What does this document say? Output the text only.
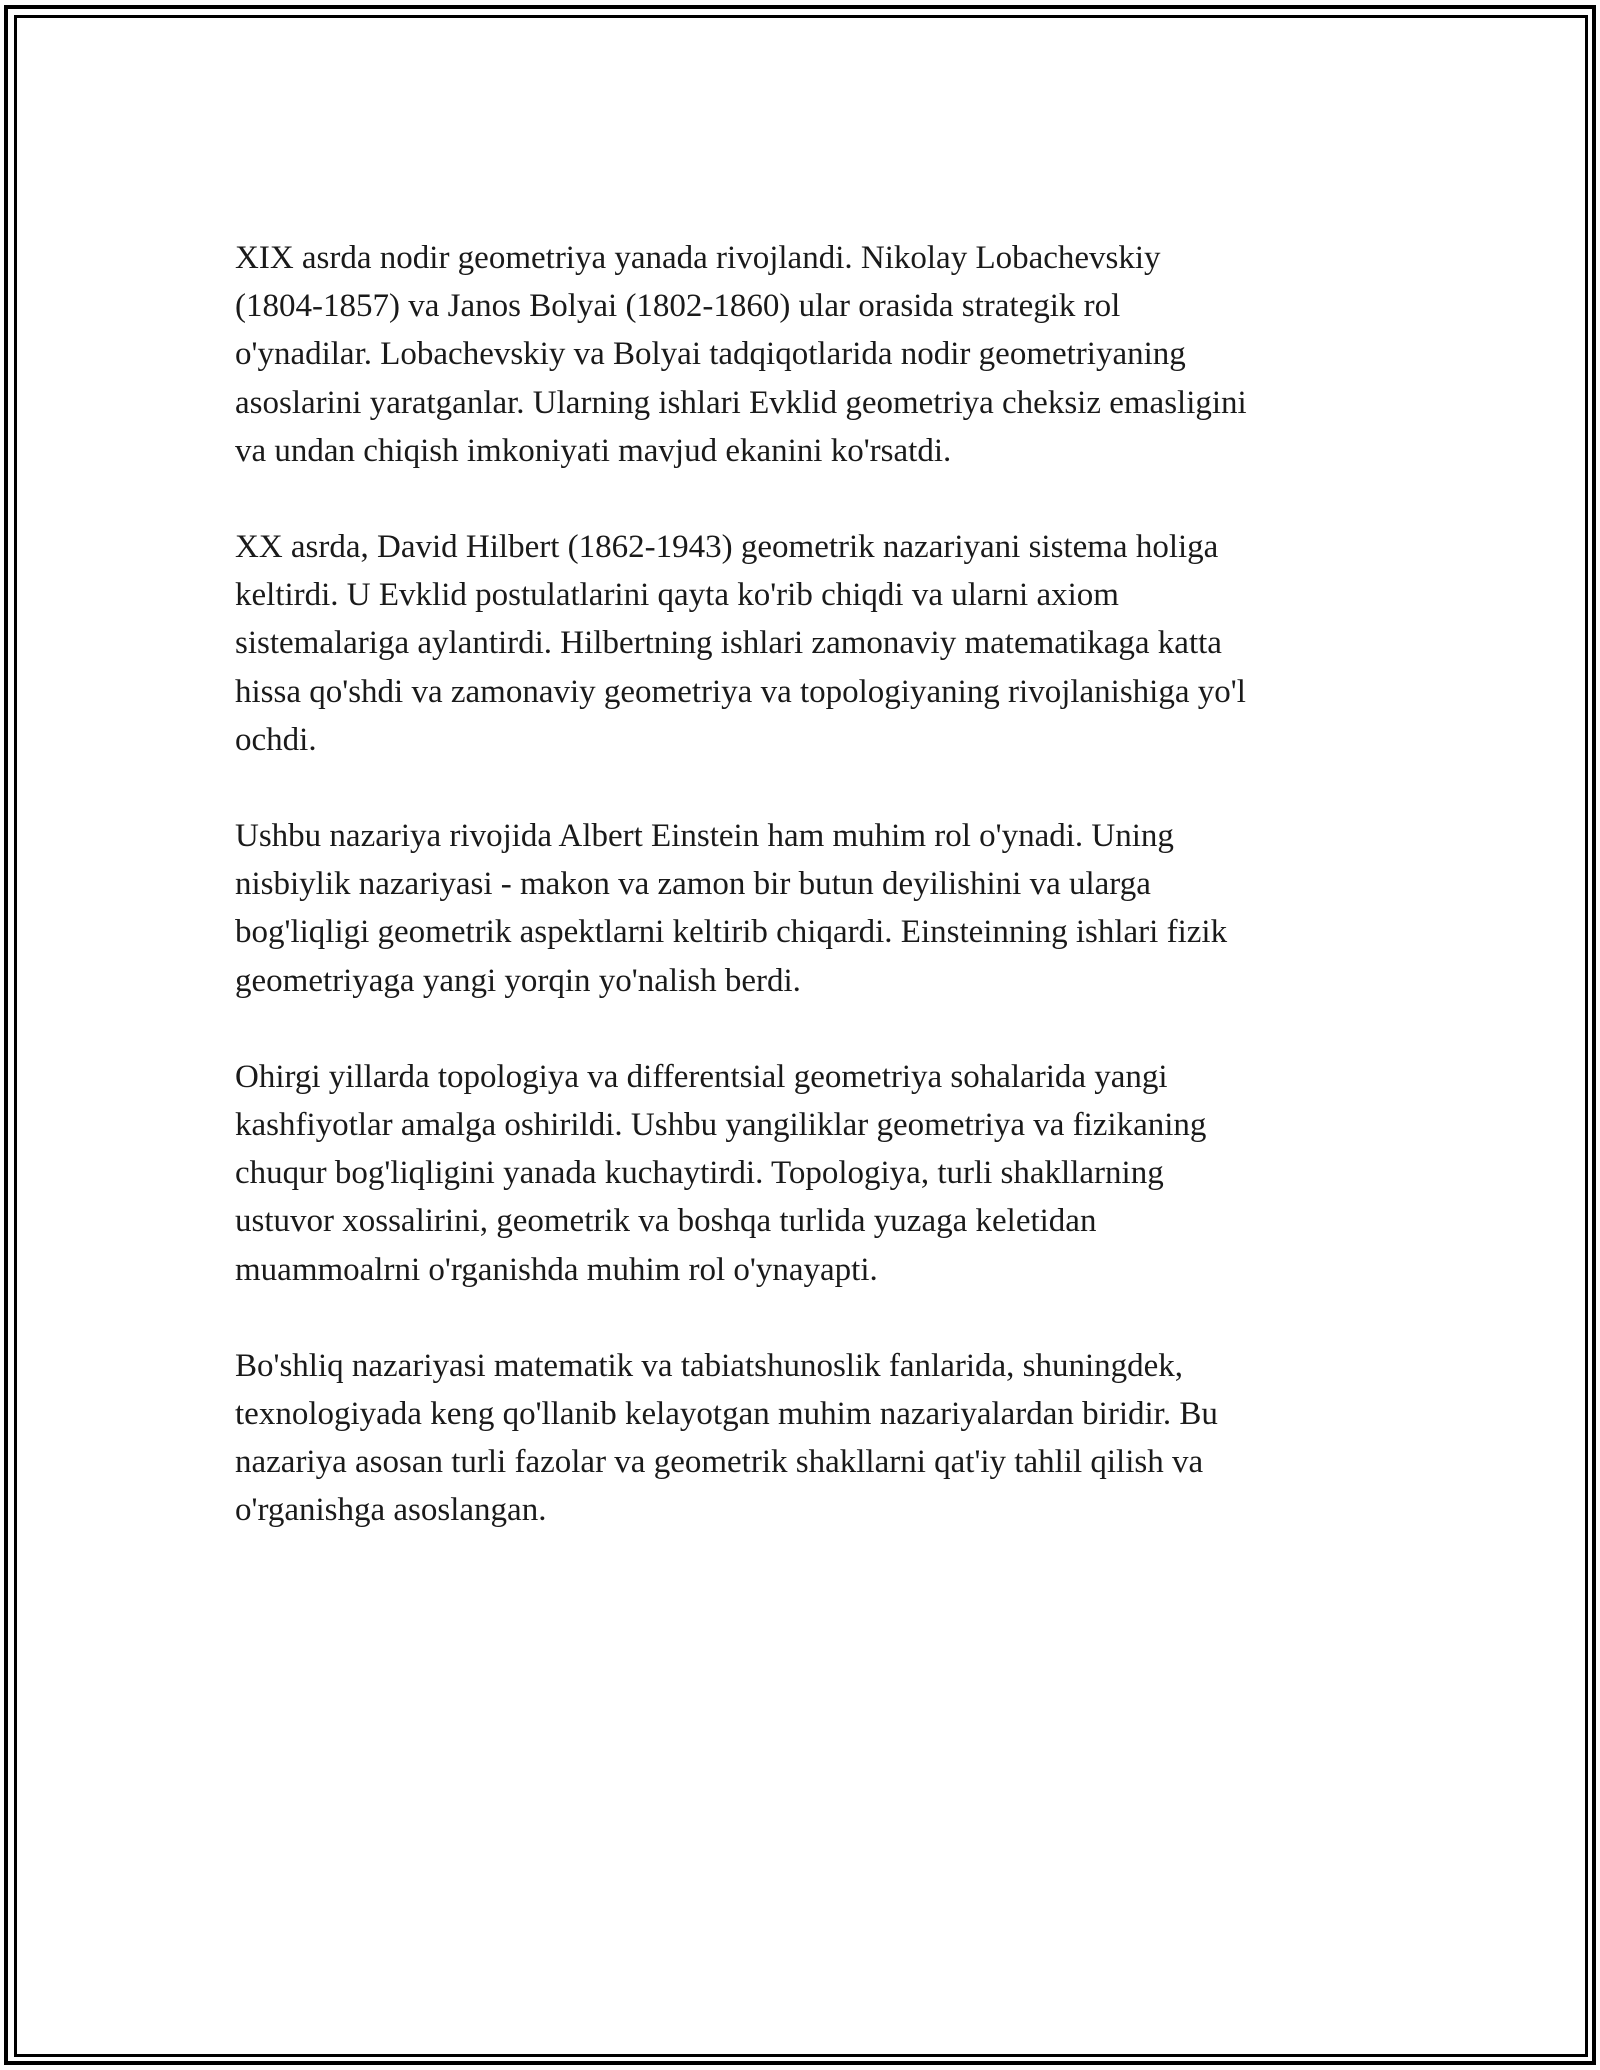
XIX asrda nodir geometriya yanada rivojlandi. Nikolay Lobachevskiy
(1804-1857) va Janos Bolyai (1802-1860) ular orasida strategik rol
o'ynadilar. Lobachevskiy va Bolyai tadqiqotlarida nodir geometriyaning
asoslarini yaratganlar. Ularning ishlari Evklid geometriya cheksiz emasligini
va undan chiqish imkoniyati mavjud ekanini ko'rsatdi.

XX asrda, David Hilbert (1862-1943) geometrik nazariyani sistema holiga
keltirdi. U Evklid postulatlarini qayta ko'rib chiqdi va ularni axiom
sistemalariga aylantirdi. Hilbertning ishlari zamonaviy matematikaga katta
hissa qo'shdi va zamonaviy geometriya va topologiyaning rivojlanishiga yo'l
ochdi.

Ushbu nazariya rivojida Albert Einstein ham muhim rol o'ynadi. Uning
nisbiylik nazariyasi - makon va zamon bir butun deyilishini va ularga
bog'liqligi geometrik aspektlarni keltirib chiqardi. Einsteinning ishlari fizik
geometriyaga yangi yorqin yo'nalish berdi.

Ohirgi yillarda topologiya va differentsial geometriya sohalarida yangi
kashfiyotlar amalga oshirildi. Ushbu yangiliklar geometriya va fizikaning
chuqur bog'liqligini yanada kuchaytirdi. Topologiya, turli shakllarning
ustuvor xossalirini, geometrik va boshqa turlida yuzaga keletidan
muammoalrni o'rganishda muhim rol o'ynayapti.

Bo'shliq nazariyasi matematik va tabiatshunoslik fanlarida, shuningdek,
texnologiyada keng qo'llanib kelayotgan muhim nazariyalardan biridir. Bu
nazariya asosan turli fazolar va geometrik shakllarni qat'iy tahlil qilish va
o'rganishga asoslangan.
